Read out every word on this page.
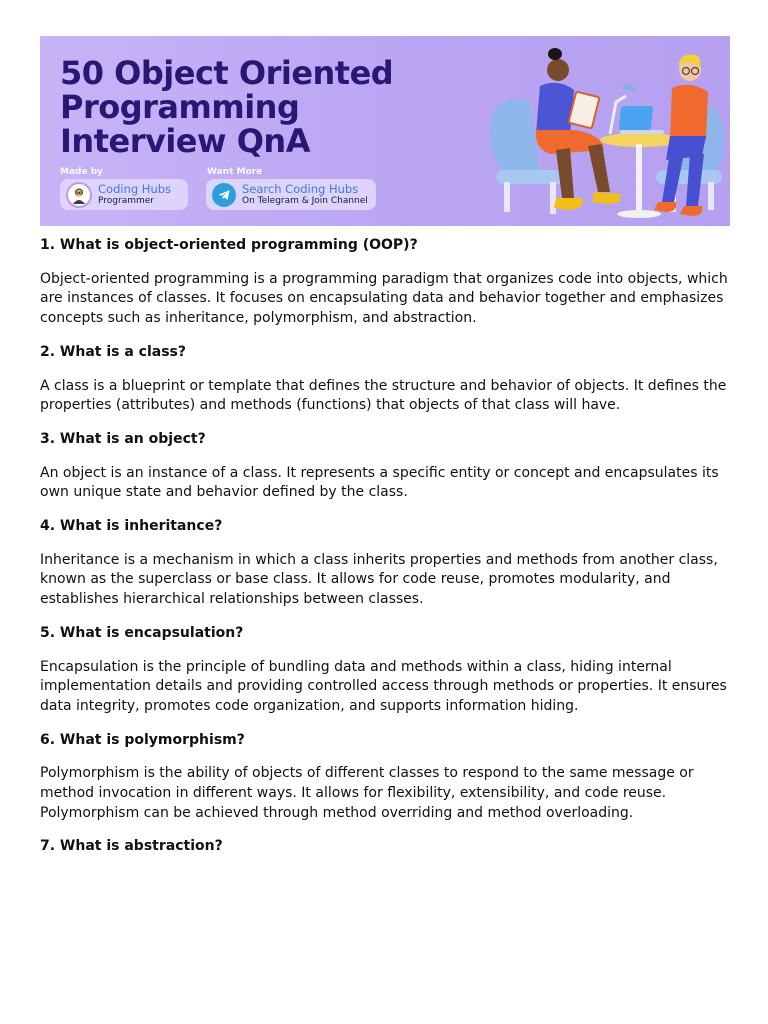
50 Object Oriented
Programming
Interview QnA
Made by
Coding Hubs
Programmer
Want More
Search Coding Hubs
On Telegram & Join Channel

1. What is object-oriented programming (OOP)?

Object-oriented programming is a programming paradigm that organizes code into objects, which are instances of classes. It focuses on encapsulating data and behavior together and emphasizes concepts such as inheritance, polymorphism, and abstraction.

2. What is a class?

A class is a blueprint or template that defines the structure and behavior of objects. It defines the properties (attributes) and methods (functions) that objects of that class will have.

3. What is an object?

An object is an instance of a class. It represents a specific entity or concept and encapsulates its own unique state and behavior defined by the class.

4. What is inheritance?

Inheritance is a mechanism in which a class inherits properties and methods from another class, known as the superclass or base class. It allows for code reuse, promotes modularity, and establishes hierarchical relationships between classes.

5. What is encapsulation?

Encapsulation is the principle of bundling data and methods within a class, hiding internal implementation details and providing controlled access through methods or properties. It ensures data integrity, promotes code organization, and supports information hiding.

6. What is polymorphism?

Polymorphism is the ability of objects of different classes to respond to the same message or method invocation in different ways. It allows for flexibility, extensibility, and code reuse. Polymorphism can be achieved through method overriding and method overloading.

7. What is abstraction?
